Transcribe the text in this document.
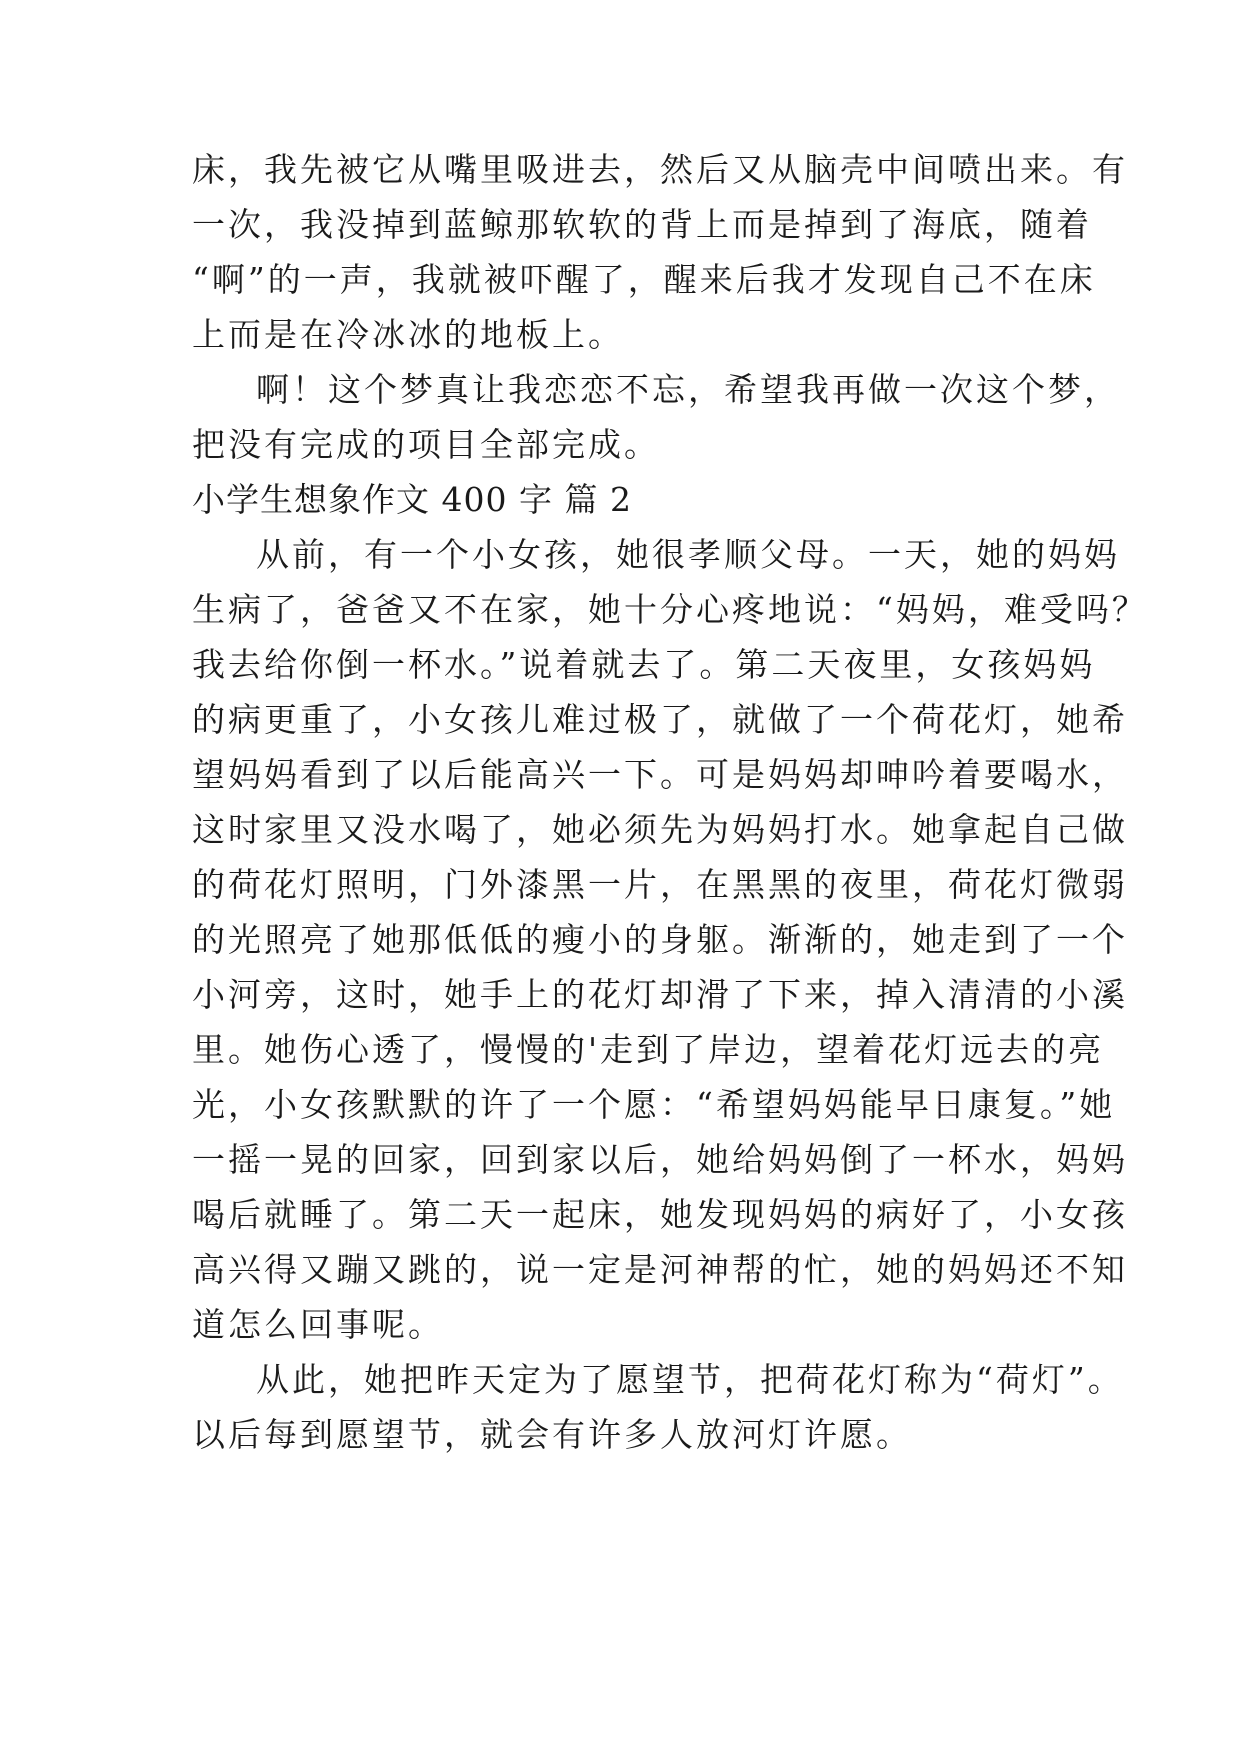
床，我先被它从嘴里吸进去，然后又从脑壳中间喷出来。有
一次，我没掉到蓝鲸那软软的背上而是掉到了海底，随着
“啊”的一声，我就被吓醒了，醒来后我才发现自己不在床
上而是在冷冰冰的地板上。
啊！这个梦真让我恋恋不忘，希望我再做一次这个梦，
把没有完成的项目全部完成。
小学生想象作文 400 字 篇 2
从前，有一个小女孩，她很孝顺父母。一天，她的妈妈
生病了，爸爸又不在家，她十分心疼地说：“妈妈，难受吗？
我去给你倒一杯水。”说着就去了。第二天夜里，女孩妈妈
的病更重了，小女孩儿难过极了，就做了一个荷花灯，她希
望妈妈看到了以后能高兴一下。可是妈妈却呻吟着要喝水，
这时家里又没水喝了，她必须先为妈妈打水。她拿起自己做
的荷花灯照明，门外漆黑一片，在黑黑的夜里，荷花灯微弱
的光照亮了她那低低的瘦小的身躯。渐渐的，她走到了一个
小河旁，这时，她手上的花灯却滑了下来，掉入清清的小溪
里。她伤心透了，慢慢的'走到了岸边，望着花灯远去的亮
光，小女孩默默的许了一个愿：“希望妈妈能早日康复。”她
一摇一晃的回家，回到家以后，她给妈妈倒了一杯水，妈妈
喝后就睡了。第二天一起床，她发现妈妈的病好了，小女孩
高兴得又蹦又跳的，说一定是河神帮的忙，她的妈妈还不知
道怎么回事呢。
从此，她把昨天定为了愿望节，把荷花灯称为“荷灯”。
以后每到愿望节，就会有许多人放河灯许愿。
